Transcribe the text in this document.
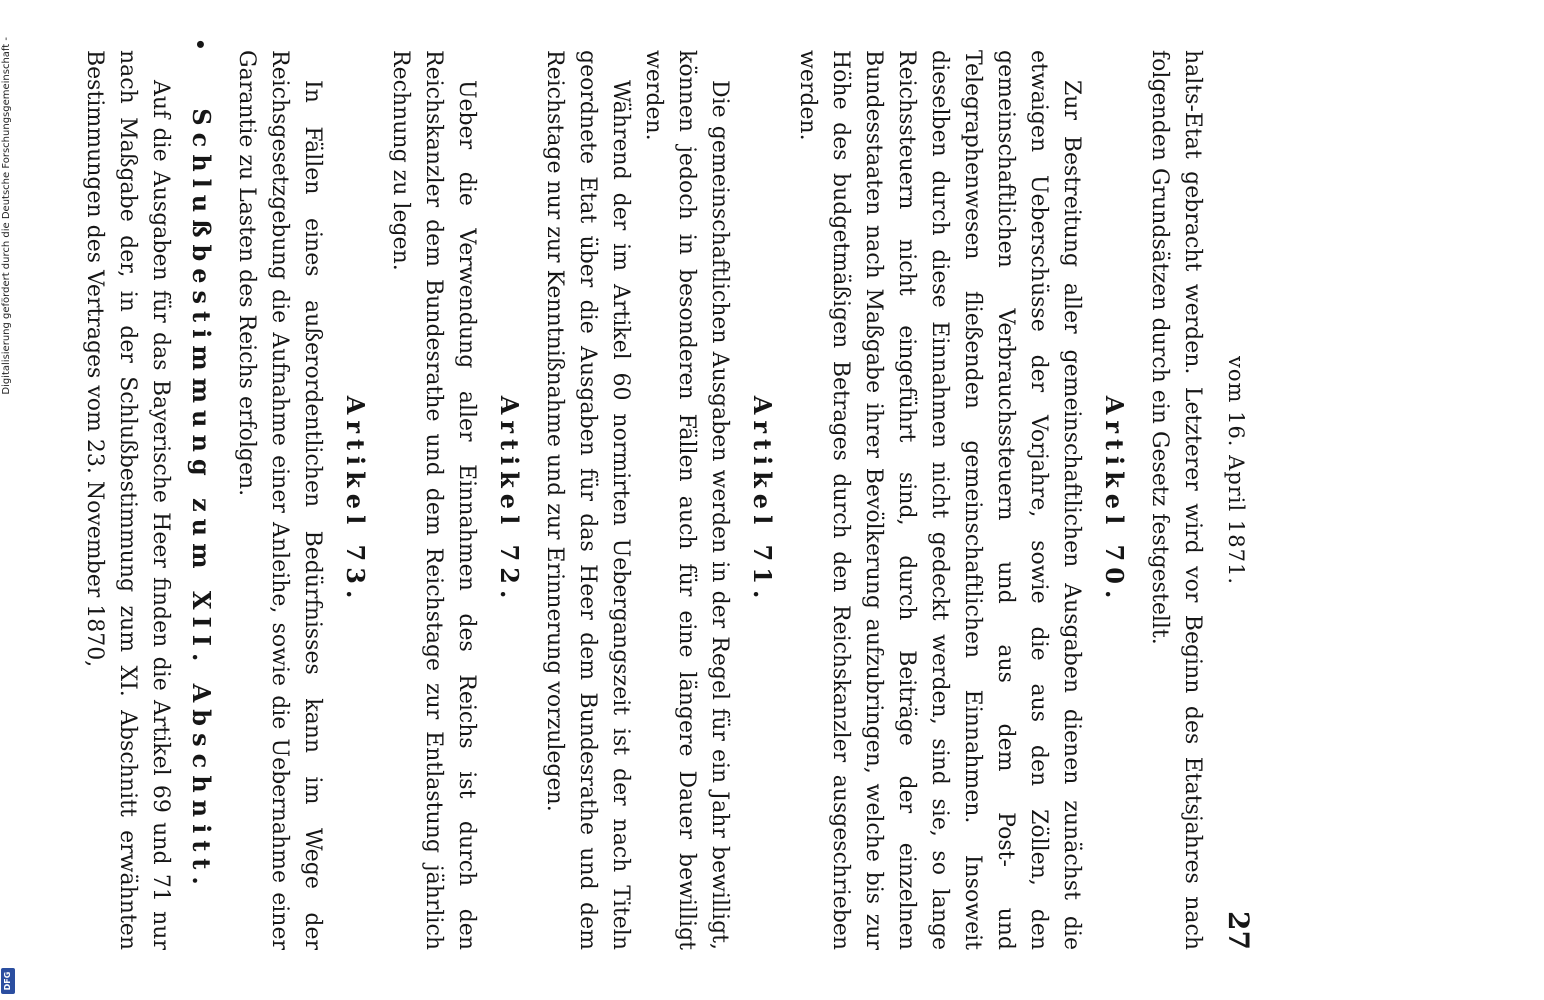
vom 16. April 1871.
27

halts-Etat gebracht werden. Letzterer wird vor Beginn des Etatsjahres nach folgenden Grundsätzen durch ein Gesetz festgestellt.

Artikel 70.

Zur Bestreitung aller gemeinschaftlichen Ausgaben dienen zunächst die etwaigen Ueberschüsse der Vorjahre, sowie die aus den Zöllen, den gemeinschaftlichen Verbrauchssteuern und aus dem Post- und Telegraphenwesen fließenden gemeinschaftlichen Einnahmen. Insoweit dieselben durch diese Einnahmen nicht gedeckt werden, sind sie, so lange Reichssteuern nicht eingeführt sind, durch Beiträge der einzelnen Bundesstaaten nach Maßgabe ihrer Bevölkerung aufzubringen, welche bis zur Höhe des budgetmäßigen Betrages durch den Reichskanzler ausgeschrieben werden.

Artikel 71.

Die gemeinschaftlichen Ausgaben werden in der Regel für ein Jahr bewilligt, können jedoch in besonderen Fällen auch für eine längere Dauer bewilligt werden.

Während der im Artikel 60 normirten Uebergangszeit ist der nach Titeln geordnete Etat über die Ausgaben für das Heer dem Bundesrathe und dem Reichstage nur zur Kenntnißnahme und zur Erinnerung vorzulegen.

Artikel 72.

Ueber die Verwendung aller Einnahmen des Reichs ist durch den Reichskanzler dem Bundesrathe und dem Reichstage zur Entlastung jährlich Rechnung zu legen.

Artikel 73.

In Fällen eines außerordentlichen Bedürfnisses kann im Wege der Reichsgesetzgebung die Aufnahme einer Anleihe, sowie die Uebernahme einer Garantie zu Lasten des Reichs erfolgen.

•
Schlußbestimmung zum XII. Abschnitt.

Auf die Ausgaben für das Bayerische Heer finden die Artikel 69 und 71 nur nach Maßgabe der, in der Schlußbestimmung zum XI. Abschnitt erwähnten Bestimmungen des Vertrages vom 23. November 1870,

Digitalisierung gefördert durch die Deutsche Forschungsgemeinschaft -
DFG
